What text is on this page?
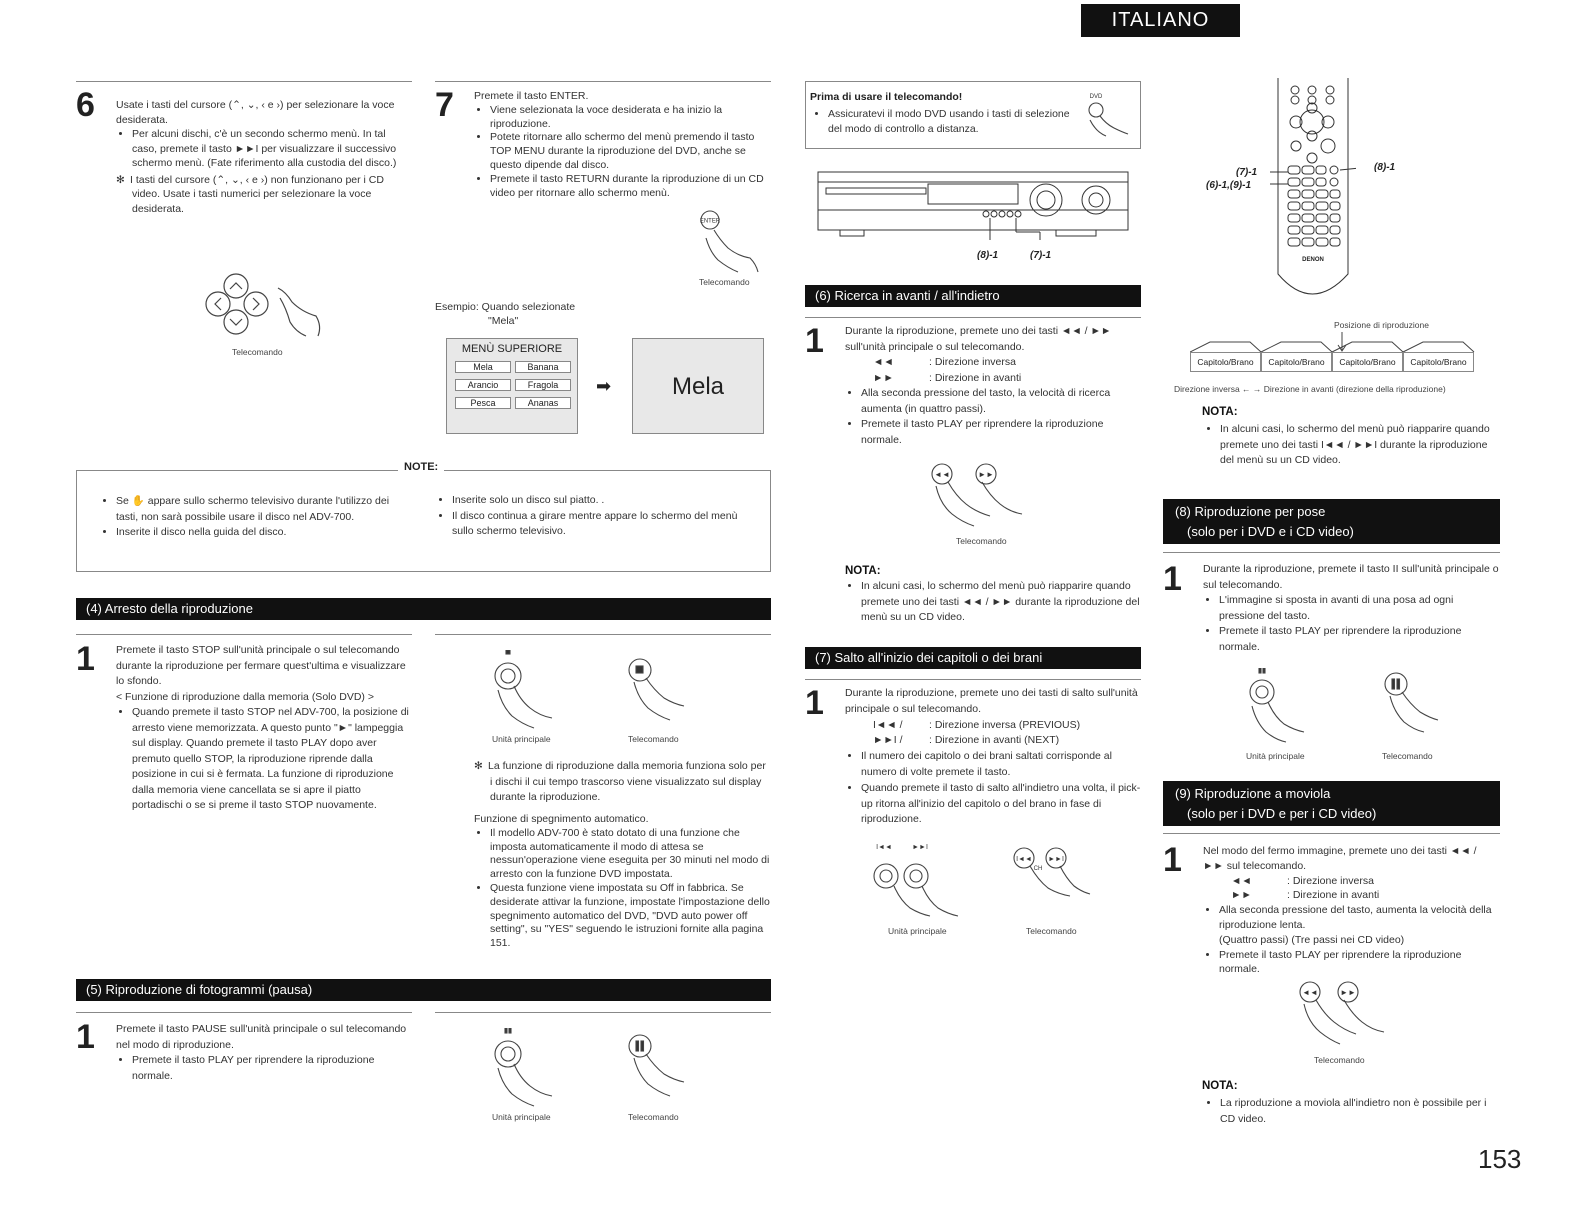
ITALIANO
6 Usate i tasti del cursore (⌃, ⌄, ‹ e ›) per selezionare la voce desiderata.

• Per alcuni dischi, c'è un secondo schermo menù. In tal caso, premete il tasto ►►I per visualizzare il successivo schermo menù. (Fate riferimento alla custodia del disco.)

✻ I tasti del cursore (⌃, ⌄, ‹ e ›) non funzionano per i CD video. Usate i tasti numerici per selezionare la voce desiderata.

Telecomando
7 Premete il tasto ENTER.

• Viene selezionata la voce desiderata e ha inizio la riproduzione.
• Potete ritornare allo schermo del menù premendo il tasto TOP MENU durante la riproduzione del DVD, anche se questo dipende dal disco.
• Premete il tasto RETURN durante la riproduzione di un CD video per ritornare allo schermo menù.
ENTER
Telecomando
Esempio: Quando selezionate
"Mela"
MENÙ SUPERIORE
Mela	Banana
Arancio	Fragola
Pesca	Ananas
➡	Mela
NOTE:
• Se ✋ appare sullo schermo televisivo durante l'utilizzo dei tasti, non sarà possibile usare il disco nel ADV-700.
• Inserite il disco nella guida del disco.
• Inserite solo un disco sul piatto. .
• Il disco continua a girare mentre appare lo schermo del menù sullo schermo televisivo.
(4) Arresto della riproduzione
1 Premete il tasto STOP sull'unità principale o sul telecomando durante la riproduzione per fermare quest'ultima e visualizzare lo sfondo.

< Funzione di riproduzione dalla memoria (Solo DVD) >

• Quando premete il tasto STOP nel ADV-700, la posizione di arresto viene memorizzata. A questo punto "►" lampeggia sul display. Quando premete il tasto PLAY dopo aver premuto quello STOP, la riproduzione riprende dalla posizione in cui si è fermata. La funzione di riproduzione dalla memoria viene cancellata se si apre il piatto portadischi o se si preme il tasto STOP nuovamente.
Unità principale	Telecomando

✻ La funzione di riproduzione dalla memoria funziona solo per i dischi il cui tempo trascorso viene visualizzato sul display durante la riproduzione.

Funzione di spegnimento automatico.

• Il modello ADV-700 è stato dotato di una funzione che imposta automaticamente il modo di attesa se nessun'operazione viene eseguita per 30 minuti nel modo di arresto con la funzione DVD impostata.
• Questa funzione viene impostata su Off in fabbrica. Se desiderate attivar la funzione, impostate l'impostazione dello spegnimento automatico del DVD, "DVD auto power off setting", su "YES" seguendo le istruzioni fornite alla pagina 151.
(5) Riproduzione di fotogrammi (pausa)
1 Premete il tasto PAUSE sull'unità principale o sul telecomando nel modo di riproduzione.

• Premete il tasto PLAY per riprendere la riproduzione normale.
Unità principale	Telecomando
Prima di usare il telecomando!
• Assicuratevi il modo DVD usando i tasti di selezione del modo di controllo a distanza.
DVD
(8)-1	(7)-1
(6) Ricerca in avanti / all'indietro
1 Durante la riproduzione, premete uno dei tasti ◄◄ / ►► sull'unità principale o sul telecomando.

◄◄	: Direzione inversa
►►	: Direzione in avanti
• Alla seconda pressione del tasto, la velocità di ricerca aumenta (in quattro passi).
• Premete il tasto PLAY per riprendere la riproduzione normale.
◄◄	►►
Telecomando
NOTA:
• In alcuni casi, lo schermo del menù può riapparire quando premete uno dei tasti ◄◄ / ►► durante la riproduzione del menù su un CD video.
(7) Salto all'inizio dei capitoli o dei brani
1 Durante la riproduzione, premete uno dei tasti di salto sull'unità principale o sul telecomando.

I◄◄ /	: Direzione inversa (PREVIOUS)
►►I /	: Direzione in avanti (NEXT)
• Il numero dei capitolo o dei brani saltati corrisponde al numero di volte premete il tasto.
• Quando premete il tasto di salto all'indietro una volta, il pick-up ritorna all'inizio del capitolo o del brano in fase di riproduzione.
I◄◄	►►I
I◄◄ ►►I
CH
Unità principale	Telecomando
DENON
(7)-1
(6)-1,(9)-1
(8)-1
Posizione di riproduzione
Capitolo/Brano	Capitolo/Brano	Capitolo/Brano	Capitolo/Brano
Direzione inversa ← → Direzione in avanti (direzione della riproduzione)
NOTA:
• In alcuni casi, lo schermo del menù può riapparire quando premete uno dei tasti I◄◄ / ►►I durante la riproduzione del menù su un CD video.
(8) Riproduzione per pose
(solo per i DVD e i CD video)
1 Durante la riproduzione, premete il tasto II sull'unità principale o sul telecomando.

• L'immagine si sposta in avanti di una posa ad ogni pressione del tasto.
• Premete il tasto PLAY per riprendere la riproduzione normale.
Unità principale	Telecomando
(9) Riproduzione a moviola
(solo per i DVD e per i CD video)
1 Nel modo del fermo immagine, premete uno dei tasti ◄◄ / ►► sul telecomando.

◄◄	: Direzione inversa
►►	: Direzione in avanti
• Alla seconda pressione del tasto, aumenta la velocità della riproduzione lenta.
(Quattro passi) (Tre passi nei CD video)
• Premete il tasto PLAY per riprendere la riproduzione normale.
◄◄	►►
Telecomando
NOTA:
• La riproduzione a moviola all'indietro non è possibile per i CD video.
153
